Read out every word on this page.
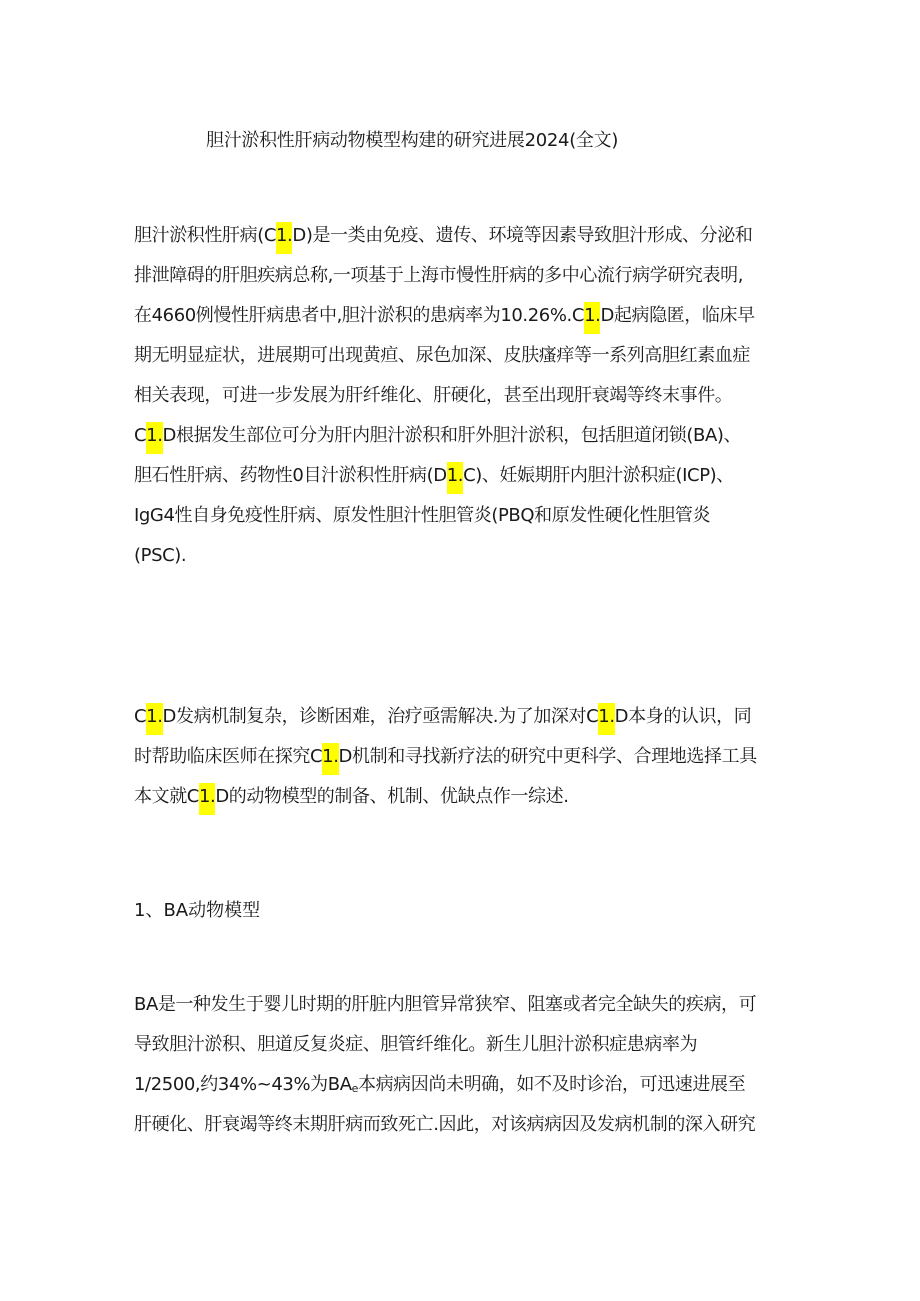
胆汁淤积性肝病动物模型构建的研究进展2024(全文)
胆汁淤积性肝病(C1.D)是一类由免疫、遗传、环境等因素导致胆汁形成、分泌和
排泄障碍的肝胆疾病总称,一项基于上海市慢性肝病的多中心流行病学研究表明,
在4660例慢性肝病患者中,胆汁淤积的患病率为10.26%.C1.D起病隐匿，临床早
期无明显症状，进展期可出现黄疸、尿色加深、皮肤瘙痒等一系列高胆红素血症
相关表现，可进一步发展为肝纤维化、肝硬化，甚至出现肝衰竭等终末事件。
C1.D根据发生部位可分为肝内胆汁淤积和肝外胆汁淤积，包括胆道闭锁(BA)、
胆石性肝病、药物性0目汁淤积性肝病(D1.C)、妊娠期肝内胆汁淤积症(ICP)、
IgG4性自身免疫性肝病、原发性胆汁性胆管炎(PBQ和原发性硬化性胆管炎
(PSC).
C1.D发病机制复杂，诊断困难，治疗亟需解决.为了加深对C1.D本身的认识，同
时帮助临床医师在探究C1.D机制和寻找新疗法的研究中更科学、合理地选择工具
本文就C1.D的动物模型的制备、机制、优缺点作一综述.
1、BA动物模型
BA是一种发生于婴儿时期的肝脏内胆管异常狭窄、阻塞或者完全缺失的疾病，可
导致胆汁淤积、胆道反复炎症、胆管纤维化。新生儿胆汁淤积症患病率为
1/2500,约34%~43%为BAe本病病因尚未明确，如不及时诊治，可迅速进展至
肝硬化、肝衰竭等终末期肝病而致死亡.因此，对该病病因及发病机制的深入研究
